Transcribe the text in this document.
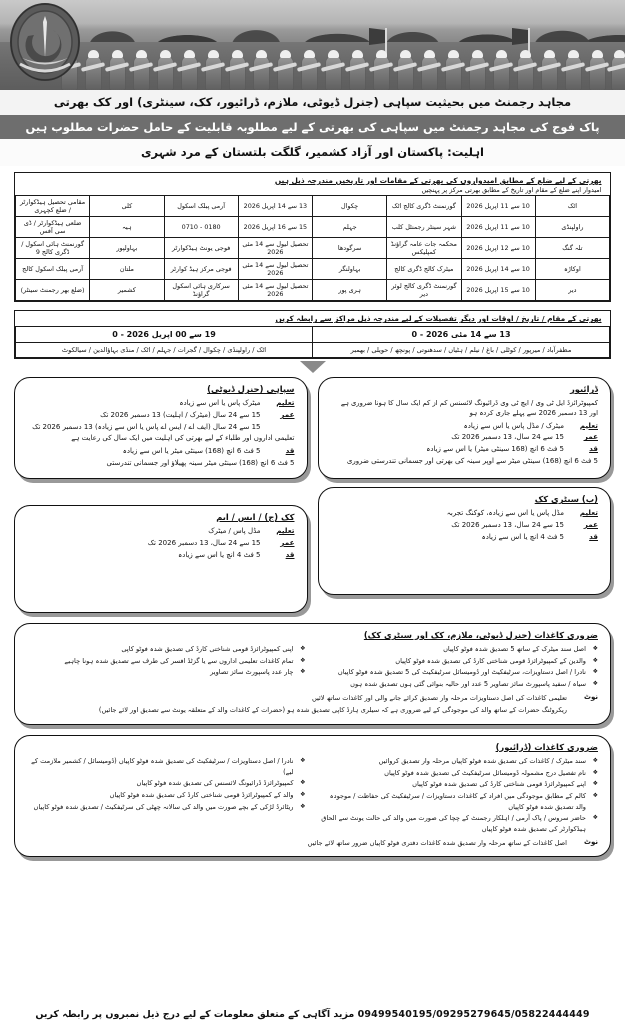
مجاہد رجمنٹ میں بحیثیت سپاہی (جنرل ڈیوٹی، ملازم، ڈرائیور، کک، سینٹری) اور کک بھرتی
پاک فوج کی مجاہد رجمنٹ میں سپاہی کی بھرتی کے لیے مطلوبہ قابلیت کے حامل حضرات مطلوب ہیں
اہلیت: پاکستان اور آزاد کشمیر، گلگت بلتستان کے مرد شہری
بھرتی کے لیے ضلع کے مطابق امیدواروں کی بھرتی کے مقامات اور تاریخیں مندرجہ ذیل ہیں
امیدوار اپنے ضلع کے مقام اور تاریخ کے مطابق بھرتی مرکز پر پہنچیں							

اٹک	10 سے 11 اپریل 2026	گورنمنٹ ڈگری کالج اٹک	چکوال	13 سے 14 اپریل 2026	آرمی پبلک اسکول	کلی	مقامی تحصیل ہیڈکوارٹر / ضلع کچہری
راولپنڈی	10 سے 11 اپریل 2026	شہر سینٹر رجمنٹل کلب	جہلم	15 سے 16 اپریل 2026	0180 - 0710	ہیہ	ضلعی ہیڈکوارٹر / ڈی سی آفس
تلہ گنگ	10 سے 12 اپریل 2026	محکمہ جات عامہ گراؤنڈ کمپلیکس	سرگودھا	تحصیل لیول سے 14 مئی 2026	فوجی یونٹ ہیڈکوارٹر	بہاولپور	گورنمنٹ ہائی اسکول / ڈگری کالج 9
اوکاڑہ	10 سے 14 اپریل 2026	میٹرک کالج ڈگری کالج	بہاولنگر	تحصیل لیول سے 14 مئی 2026	فوجی مرکز ہیڈ کوارٹر	ملتان	آرمی پبلک اسکول کالج
دیر	10 سے 15 اپریل 2026	گورنمنٹ ڈگری کالج لوئر دیر	ہری پور	تحصیل لیول سے 14 مئی 2026	سرکاری ہائی اسکول گراؤنڈ	کشمیر	(ضلع بھر رجمنٹ سینٹر)
بھرتی کے مقام / تاریخ / اوقات اور دیگر تفصیلات کے لیے مندرجہ ذیل مراکز سے رابطہ کریں	
13 سے 14 مئی 2026 - 0	19 سے 00 اپریل 2026 - 0
مظفرآباد / میرپور / کوٹلی / باغ / نیلم / ہٹیاں / سدھنوتی / پونچھ / حویلی / بھمبر	اٹک / راولپنڈی / چکوال / گجرات / جہلم / اٹک / منڈی بہاؤالدین / سیالکوٹ
ڈرائیور
کمپیوٹرائزڈ ایل ٹی وی / ایچ ٹی وی ڈرائیونگ لائسنس کم از کم ایک سال کا ہونا ضروری ہے اور 13 دسمبر 2026 سے پہلے جاری کردہ ہو
تعلیم
میٹرک / مڈل پاس یا اس سے زیادہ
عمر
15 سے 24 سال، 13 دسمبر 2026 تک
قد
5 فٹ 6 انچ (168 سینٹی میٹر) یا اس سے زیادہ
5 فٹ 6 انچ (168) سینٹی میٹر سے اوپر سینہ کی بھرتی اور جسمانی تندرستی ضروری
سپاہی (جنرل ڈیوٹی)
تعلیم
میٹرک پاس یا اس سے زیادہ
عمر
15 سے 24 سال (میٹرک / اہلیت) 13 دسمبر 2026 تک
15 سے 24 سال (ایف اے / ایس اے پاس یا اس سے زیادہ) 13 دسمبر 2026 تک
تعلیمی اداروں اور طلباء کے لیے بھرتی کی اہلیت میں ایک سال کی رعایت ہے
قد
5 فٹ 6 انچ (168) سینٹی میٹر یا اس سے زیادہ
5 فٹ 6 انچ (168) سینٹی میٹر سینہ پھیلاؤ اور جسمانی تندرستی
(ب) سیٹری کک
تعلیم
مڈل پاس یا اس سے زیادہ، کوکنگ تجربہ
عمر
15 سے 24 سال، 13 دسمبر 2026 تک
قد
5 فٹ 4 انچ یا اس سے زیادہ
کک (ج) / ایس / ایم
تعلیم
مڈل پاس / میٹرک
عمر
15 سے 24 سال، 13 دسمبر 2026 تک
قد
5 فٹ 4 انچ یا اس سے زیادہ
ضروری کاغذات (جنرل ڈیوٹی، ملازم، کک اور سیٹری کک)
❖ اصل سند میٹرک کے ساتھ 5 تصدیق شدہ فوٹو کاپیاں
❖ والدین کے کمپیوٹرائزڈ قومی شناختی کارڈ کی تصدیق شدہ فوٹو کاپیاں
❖ نادرا / اصل دستاویزات، سرٹیفکیٹ اور ڈومیسائل سرٹیفکیٹ کی 5 تصدیق شدہ فوٹو کاپیاں
❖ سیاہ / سفید پاسپورٹ سائز تصاویر 5 عدد اور حالیہ بنوائی گئی ہوں تصدیق شدہ ہوں
❖ اپنی کمپیوٹرائزڈ قومی شناختی کارڈ کی تصدیق شدہ فوٹو کاپی
❖ تمام کاغذات تعلیمی اداروں سے یا گزٹڈ افسر کی طرف سے تصدیق شدہ ہونا چاہیے
❖ چار عدد پاسپورٹ سائز تصاویر
نوٹ
تعلیمی کاغذات کی اصل دستاویزات مرحلہ وار تصدیق کرائے جانے والی اور کاغذات ساتھ لائیں
ریکروٹنگ حضرات کے ساتھ والد کی موجودگی کے لیے ضروری ہے کہ سیلری ہارڈ کاپی تصدیق شدہ ہو (حضرات کے کاغذات والد کے متعلقہ یونٹ سے تصدیق اور لائے جائیں)
ضروری کاغذات (ڈرائیور)
❖ سند میٹرک / کاغذات کی تصدیق شدہ فوٹو کاپیاں مرحلہ وار تصدیق کروائیں
❖ نام تفصیل درج مشمولہ ڈومیسائل سرٹیفکیٹ کی تصدیق شدہ فوٹو کاپیاں
❖ اپنے کمپیوٹرائزڈ قومی شناختی کارڈ کی تصدیق شدہ فوٹو کاپیاں
❖ کالم کے مطابق موجودگی میں افراد کے کاغذات دستاویزات / سرٹیفکیٹ کی حفاظت / موجودہ والد تصدیق شدہ فوٹو کاپیاں
❖ حاضر سروس / پاک آرمی / اہلکار رجمنٹ کے چچا کی صورت میں والد کی حالت یونٹ سے الحاق ہیڈکوارٹر کی تصدیق شدہ فوٹو کاپیاں
❖ نادرا / اصل دستاویزات / سرٹیفکیٹ کی تصدیق شدہ فوٹو کاپیاں (ڈومیسائل / کشمیر ملازمت کے لیے)
❖ کمپیوٹرائزڈ ڈرائیونگ لائسنس کی تصدیق شدہ فوٹو کاپیاں
❖ والد کے کمپیوٹرائزڈ قومی شناختی کارڈ کی تصدیق شدہ فوٹو کاپیاں
❖ ریٹائرڈ لڑکی کے بچے صورت میں والد کی سالانہ چھٹی کی سرٹیفکیٹ / تصدیق شدہ فوٹو کاپیاں
نوٹ
اصل کاغذات کے ساتھ مرحلہ وار تصدیق شدہ کاغذات دفتری فوٹو کاپیاں ضرور ساتھ لائے جائیں
09499540195/09295279645/05822444449 مزید آگاہی کے متعلق معلومات کے لیے درج ذیل نمبروں پر رابطہ کریں
